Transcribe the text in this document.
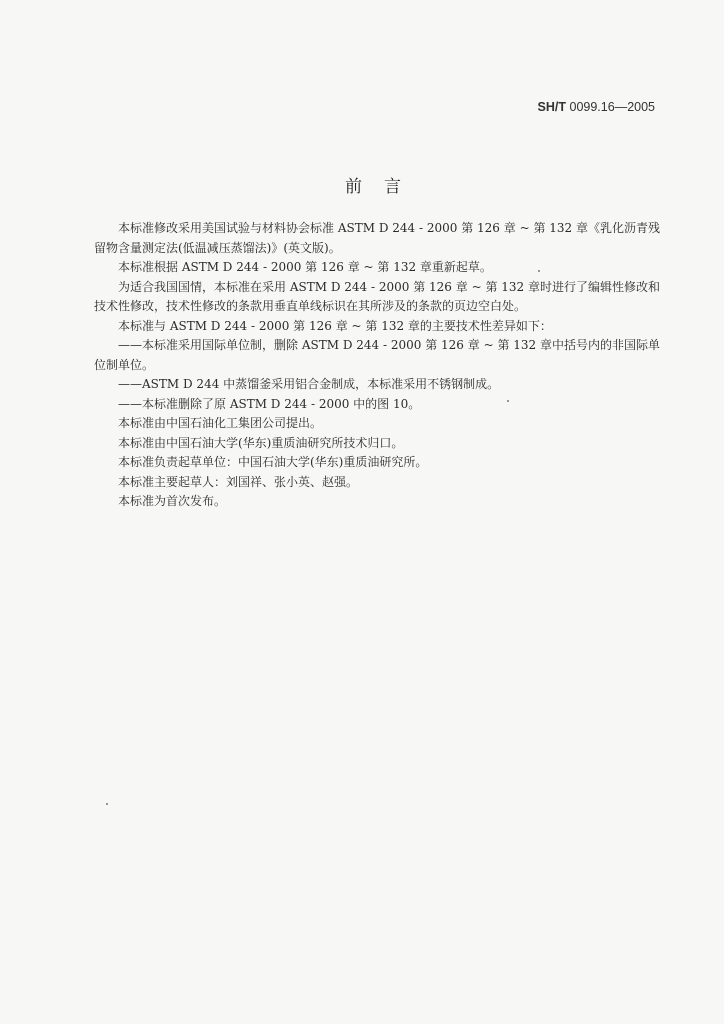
SH/T 0099.16—2005
前言

本标准修改采用美国试验与材料协会标准 ASTM D 244 - 2000 第 126 章 ~ 第 132 章《乳化沥青残留物含量测定法(低温减压蒸馏法)》(英文版)。

本标准根据 ASTM D 244 - 2000 第 126 章 ~ 第 132 章重新起草。

为适合我国国情，本标准在采用 ASTM D 244 - 2000 第 126 章 ~ 第 132 章时进行了编辑性修改和技术性修改，技术性修改的条款用垂直单线标识在其所涉及的条款的页边空白处。

本标准与 ASTM D 244 - 2000 第 126 章 ~ 第 132 章的主要技术性差异如下：

——本标准采用国际单位制，删除 ASTM D 244 - 2000 第 126 章 ~ 第 132 章中括号内的非国际单位制单位。

——ASTM D 244 中蒸馏釜采用铝合金制成，本标准采用不锈钢制成。

——本标准删除了原 ASTM D 244 - 2000 中的图 10。

本标准由中国石油化工集团公司提出。

本标准由中国石油大学(华东)重质油研究所技术归口。

本标准负责起草单位：中国石油大学(华东)重质油研究所。

本标准主要起草人：刘国祥、张小英、赵强。

本标准为首次发布。
